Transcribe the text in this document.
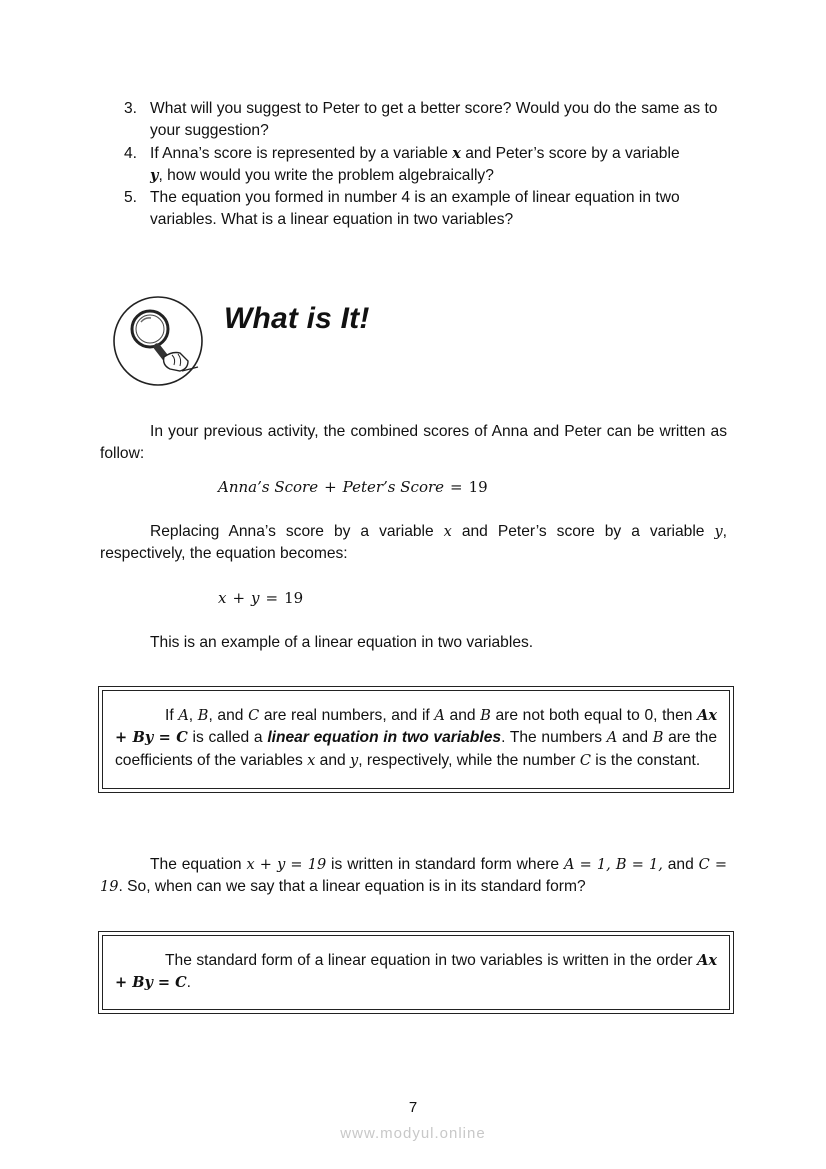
3. What will you suggest to Peter to get a better score? Would you do the same as to your suggestion?
4. If Anna’s score is represented by a variable x and Peter’s score by a variable
y, how would you write the problem algebraically?
5. The equation you formed in number 4 is an example of linear equation in two variables. What is a linear equation in two variables?
What is It!

In your previous activity, the combined scores of Anna and Peter can be written as follow:

Anna’s Score + Peter’s Score = 19

Replacing Anna’s score by a variable x and Peter’s score by a variable y, respectively, the equation becomes:

x + y = 19

This is an example of a linear equation in two variables.

If A, B, and C are real numbers, and if A and B are not both equal to 0, then Ax + By = C is called a linear equation in two variables. The numbers A and B are the coefficients of the variables x and y, respectively, while the number C is the constant.

The equation x + y = 19 is written in standard form where A = 1, B = 1, and C = 19. So, when can we say that a linear equation is in its standard form?

The standard form of a linear equation in two variables is written in the order Ax + By = C.
7
www.modyul.online
